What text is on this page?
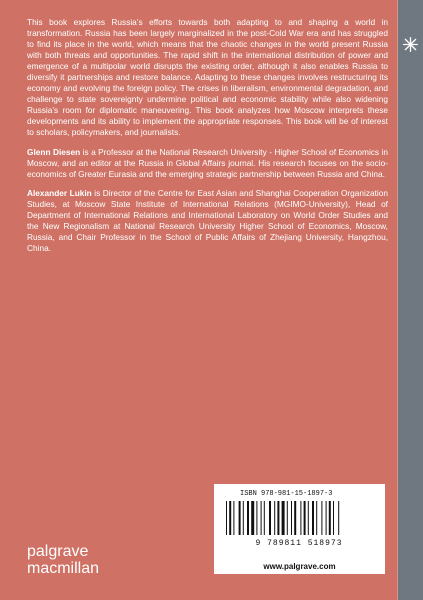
This book explores Russia’s efforts towards both adapting to and shaping a world in transformation. Russia has been largely marginalized in the post-Cold War era and has struggled to find its place in the world, which means that the chaotic changes in the world present Russia with both threats and opportunities. The rapid shift in the international distribution of power and emergence of a multipolar world disrupts the existing order, although it also enables Russia to diversify it partnerships and restore balance. Adapting to these changes involves restructuring its economy and evolving the foreign policy. The crises in liberalism, environmental degradation, and challenge to state sovereignty undermine political and economic stability while also widening Russia’s room for diplomatic maneuvering. This book analyzes how Moscow interprets these developments and its ability to implement the appropriate responses. This book will be of interest to scholars, policymakers, and journalists.

Glenn Diesen is a Professor at the National Research University - Higher School of Economics in Moscow, and an editor at the Russia in Global Affairs journal. His research focuses on the socio-economics of Greater Eurasia and the emerging strategic partnership between Russia and China.

Alexander Lukin is Director of the Centre for East Asian and Shanghai Cooperation Organization Studies, at Moscow State Institute of International Relations (MGIMO-University), Head of Department of International Relations and International Laboratory on World Order Studies and the New Regionalism at National Research University Higher School of Economics, Moscow, Russia, and Chair Professor in the School of Public Affairs of Zhejiang University, Hangzhou, China.

palgrave
macmillan
ISBN 978-981-15-1897-3
9 789811 518973
www.palgrave.com
